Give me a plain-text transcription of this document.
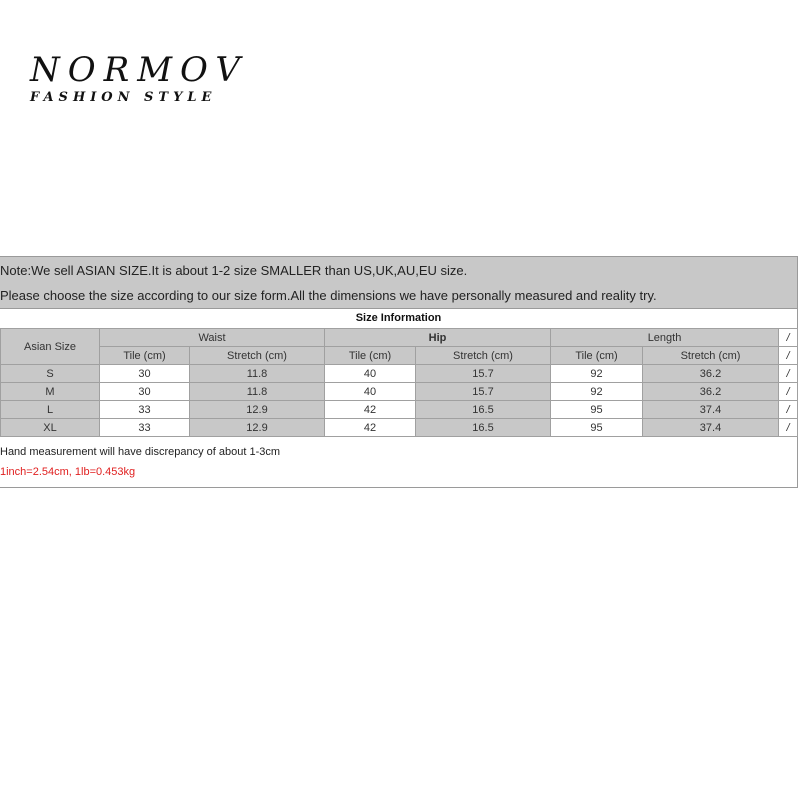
NORMOV
FASHION STYLE
Note:We sell ASIAN SIZE.It is about 1-2 size SMALLER than US,UK,AU,EU size.
Please choose the size according to our size form.All the dimensions we have personally measured and reality try.
Size Information
Asian Size	Waist		Hip		Length		/
	Tile (cm)	Stretch (cm)	Tile (cm)	Stretch (cm)	Tile (cm)	Stretch (cm)	/
S	30	11.8	40	15.7	92	36.2	/
M	30	11.8	40	15.7	92	36.2	/
L	33	12.9	42	16.5	95	37.4	/
XL	33	12.9	42	16.5	95	37.4	/
Hand measurement will have discrepancy of about 1-3cm
1inch=2.54cm, 1lb=0.453kg
